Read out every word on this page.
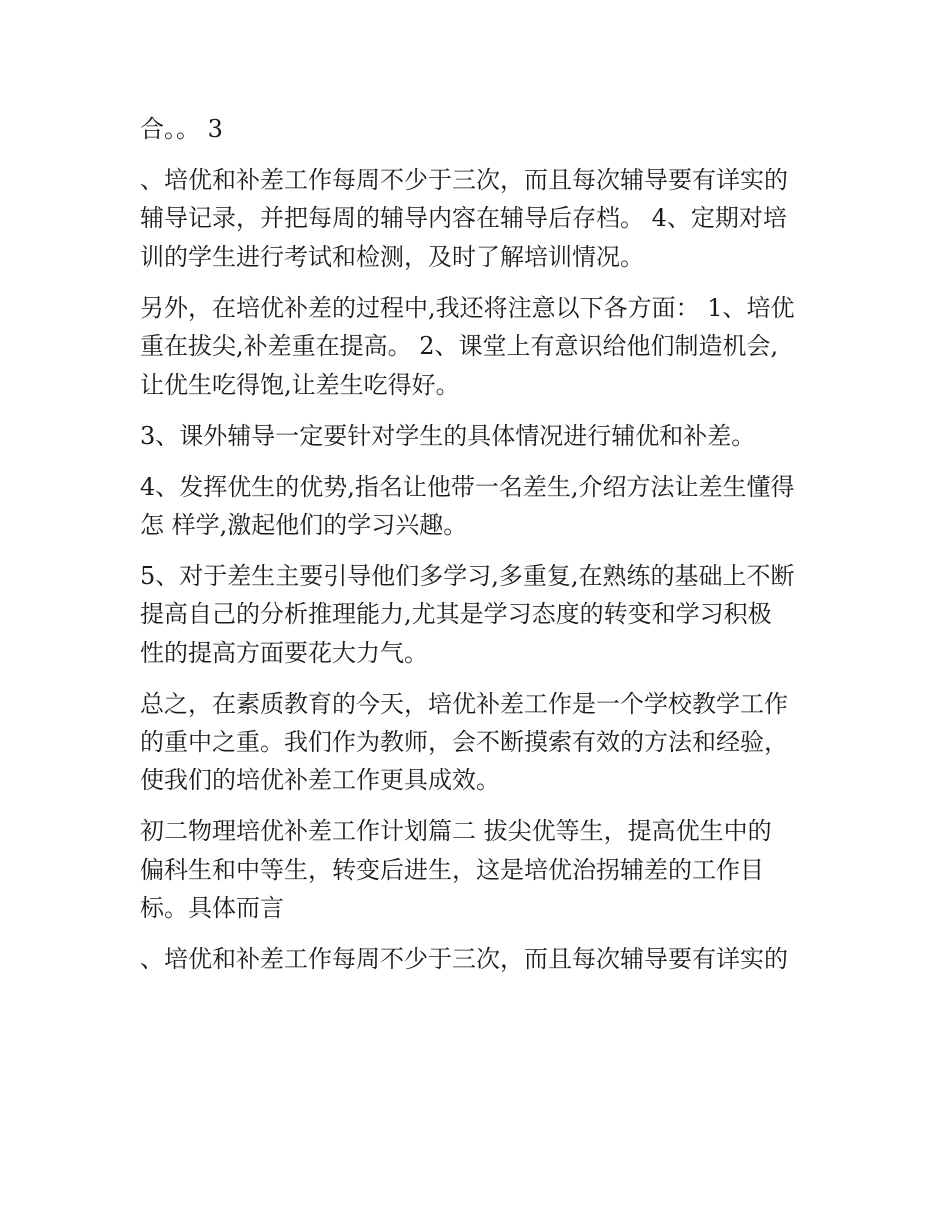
合。。 3
、培优和补差工作每周不少于三次，而且每次辅导要有详实的
辅导记录，并把每周的辅导内容在辅导后存档。 4、定期对培
训的学生进行考试和检测，及时了解培训情况。
另外，在培优补差的过程中,我还将注意以下各方面： 1、培优
重在拔尖,补差重在提高。 2、课堂上有意识给他们制造机会,
让优生吃得饱,让差生吃得好。
3、课外辅导一定要针对学生的具体情况进行辅优和补差。
4、发挥优生的优势,指名让他带一名差生,介绍方法让差生懂得
怎 样学,激起他们的学习兴趣。
5、对于差生主要引导他们多学习,多重复,在熟练的基础上不断
提高自己的分析推理能力,尤其是学习态度的转变和学习积极
性的提高方面要花大力气。
总之，在素质教育的今天，培优补差工作是一个学校教学工作
的重中之重。我们作为教师，会不断摸索有效的方法和经验，
使我们的培优补差工作更具成效。
初二物理培优补差工作计划篇二 拔尖优等生，提高优生中的
偏科生和中等生，转变后进生，这是培优治拐辅差的工作目
标。具体而言
、培优和补差工作每周不少于三次，而且每次辅导要有详实的
